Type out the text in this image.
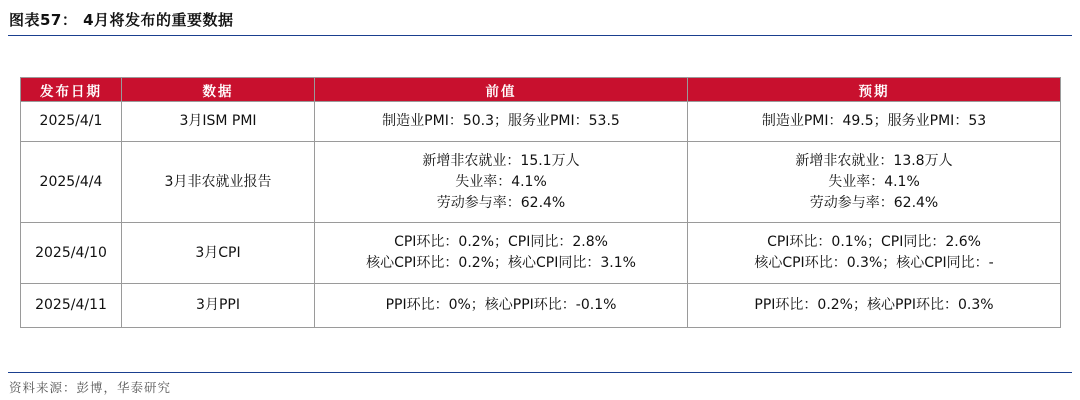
图表57： 4月将发布的重要数据
发布日期	数据	前值	预期
2025/4/1	3月ISM PMI	制造业PMI：50.3；服务业PMI：53.5	制造业PMI：49.5；服务业PMI：53

2025/4/4	3月非农就业报告	新增非农就业：15.1万人
失业率：4.1%
劳动参与率：62.4%	新增非农就业：13.8万人
失业率：4.1%
劳动参与率：62.4%

2025/4/10	3月CPI	CPI环比：0.2%；CPI同比：2.8%
核心CPI环比：0.2%；核心CPI同比：3.1%	CPI环比：0.1%；CPI同比：2.6%
核心CPI环比：0.3%；核心CPI同比：-

2025/4/11	3月PPI	PPI环比：0%；核心PPI环比：-0.1%	PPI环比：0.2%；核心PPI环比：0.3%
资料来源：彭博，华泰研究
